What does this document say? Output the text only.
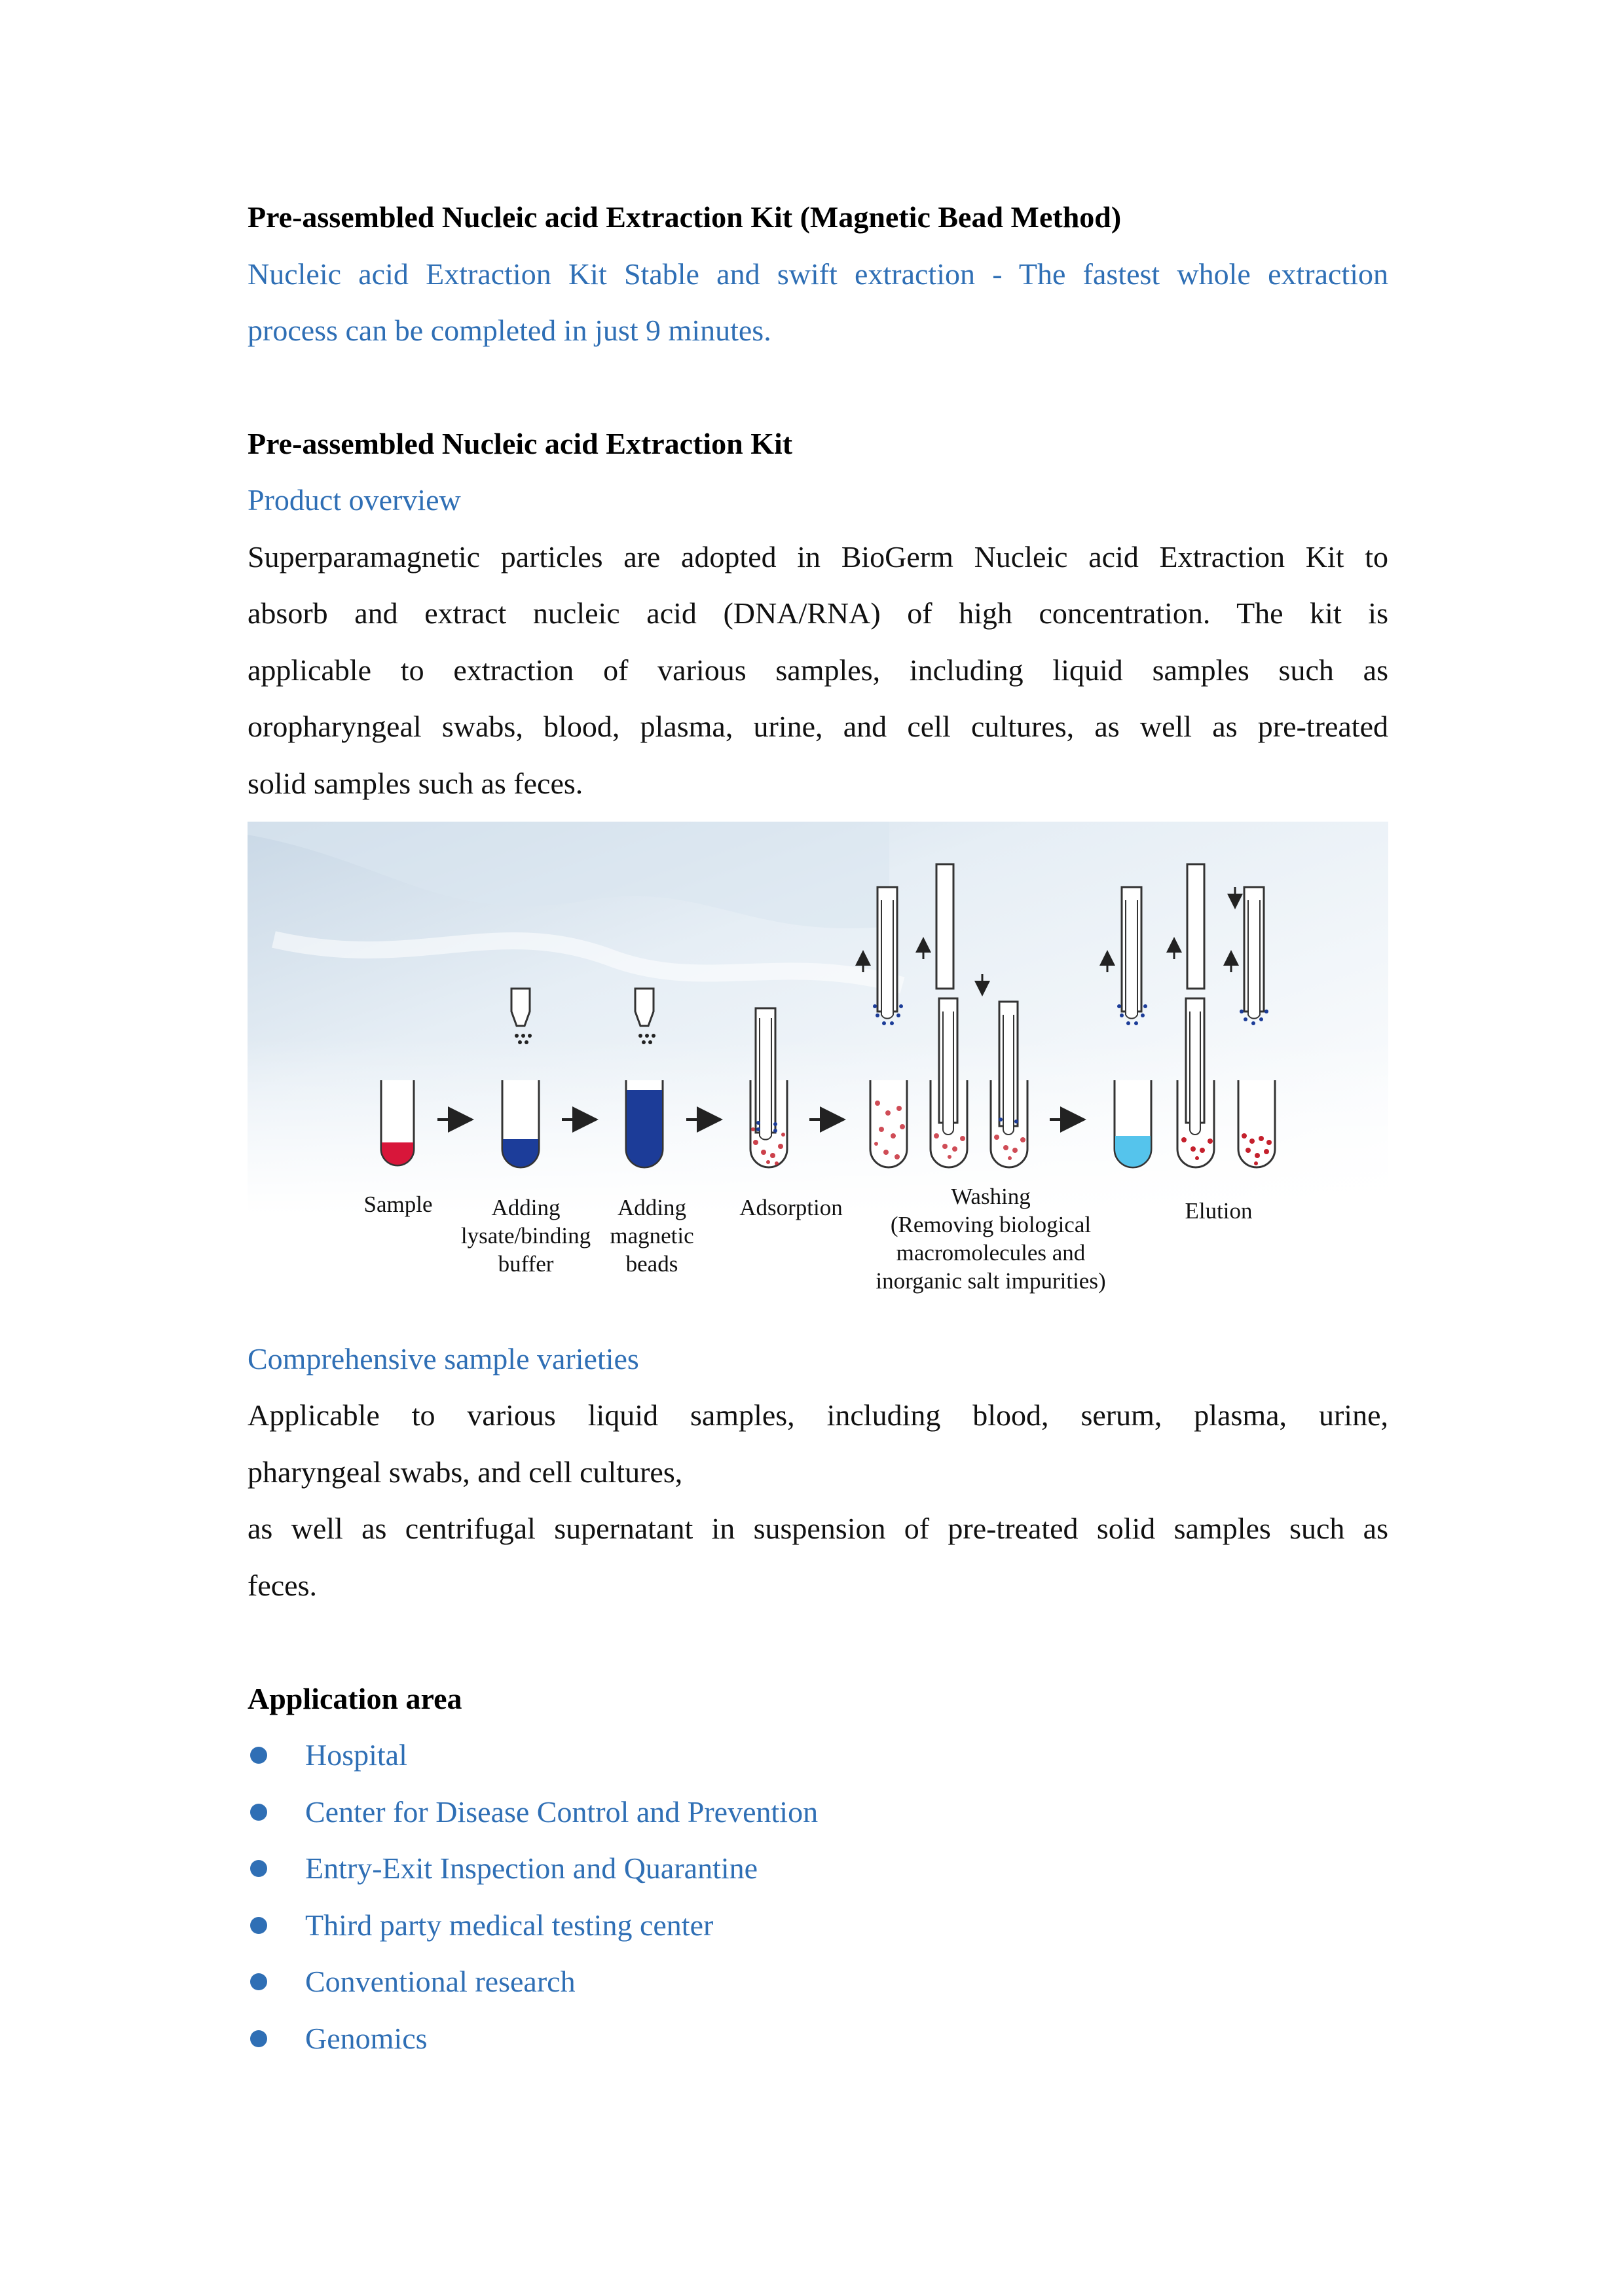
Pre-assembled Nucleic acid Extraction Kit (Magnetic Bead Method)
Nucleic acid Extraction Kit Stable and swift extraction - The fastest whole extraction
process can be completed in just 9 minutes.
Pre-assembled Nucleic acid Extraction Kit
Product overview
Superparamagnetic particles are adopted in BioGerm Nucleic acid Extraction Kit to
absorb and extract nucleic acid (DNA/RNA) of high concentration. The kit is
applicable to extraction of various samples, including liquid samples such as
oropharyngeal swabs, blood, plasma, urine, and cell cultures, as well as pre-treated
solid samples such as feces.
Comprehensive sample varieties
Applicable to various liquid samples, including blood, serum, plasma, urine,
pharyngeal swabs, and cell cultures,
as well as centrifugal supernatant in suspension of pre-treated solid samples such as
feces.
Application area
Hospital
Center for Disease Control and Prevention
Entry-Exit Inspection and Quarantine
Third party medical testing center
Conventional research
Genomics
Sample	Adding
lysate/binding
buffer
Adding
magnetic
beads
Adsorption	Washing
(Removing biological
macromolecules and
inorganic salt impurities)
Elution
